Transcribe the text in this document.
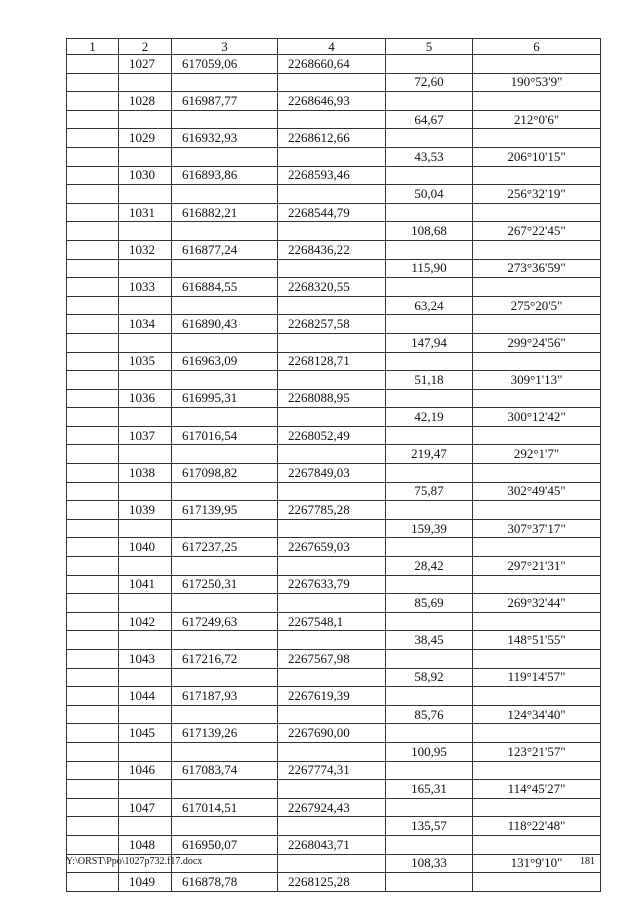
1	2	3	4	5	6
	1027	617059,06	2268660,64		
				72,60	190°53'9"
	1028	616987,77	2268646,93		
				64,67	212°0'6"
	1029	616932,93	2268612,66		
				43,53	206°10'15"
	1030	616893,86	2268593,46		
				50,04	256°32'19"
	1031	616882,21	2268544,79		
				108,68	267°22'45"
	1032	616877,24	2268436,22		
				115,90	273°36'59"
	1033	616884,55	2268320,55		
				63,24	275°20'5"
	1034	616890,43	2268257,58		
				147,94	299°24'56"
	1035	616963,09	2268128,71		
				51,18	309°1'13"
	1036	616995,31	2268088,95		
				42,19	300°12'42"
	1037	617016,54	2268052,49		
				219,47	292°1'7"
	1038	617098,82	2267849,03		
				75,87	302°49'45"
	1039	617139,95	2267785,28		
				159,39	307°37'17"
	1040	617237,25	2267659,03		
				28,42	297°21'31"
	1041	617250,31	2267633,79		
				85,69	269°32'44"
	1042	617249,63	2267548,1		
				38,45	148°51'55"
	1043	617216,72	2267567,98		
				58,92	119°14'57"
	1044	617187,93	2267619,39		
				85,76	124°34'40"
	1045	617139,26	2267690,00		
				100,95	123°21'57"
	1046	617083,74	2267774,31		
				165,31	114°45'27"
	1047	617014,51	2267924,43		
				135,57	118°22'48"
	1048	616950,07	2268043,71		
				108,33	131°9'10"
	1049	616878,78	2268125,28		
Y:\ORST\Ppo\1027p732.f17.docx	181
